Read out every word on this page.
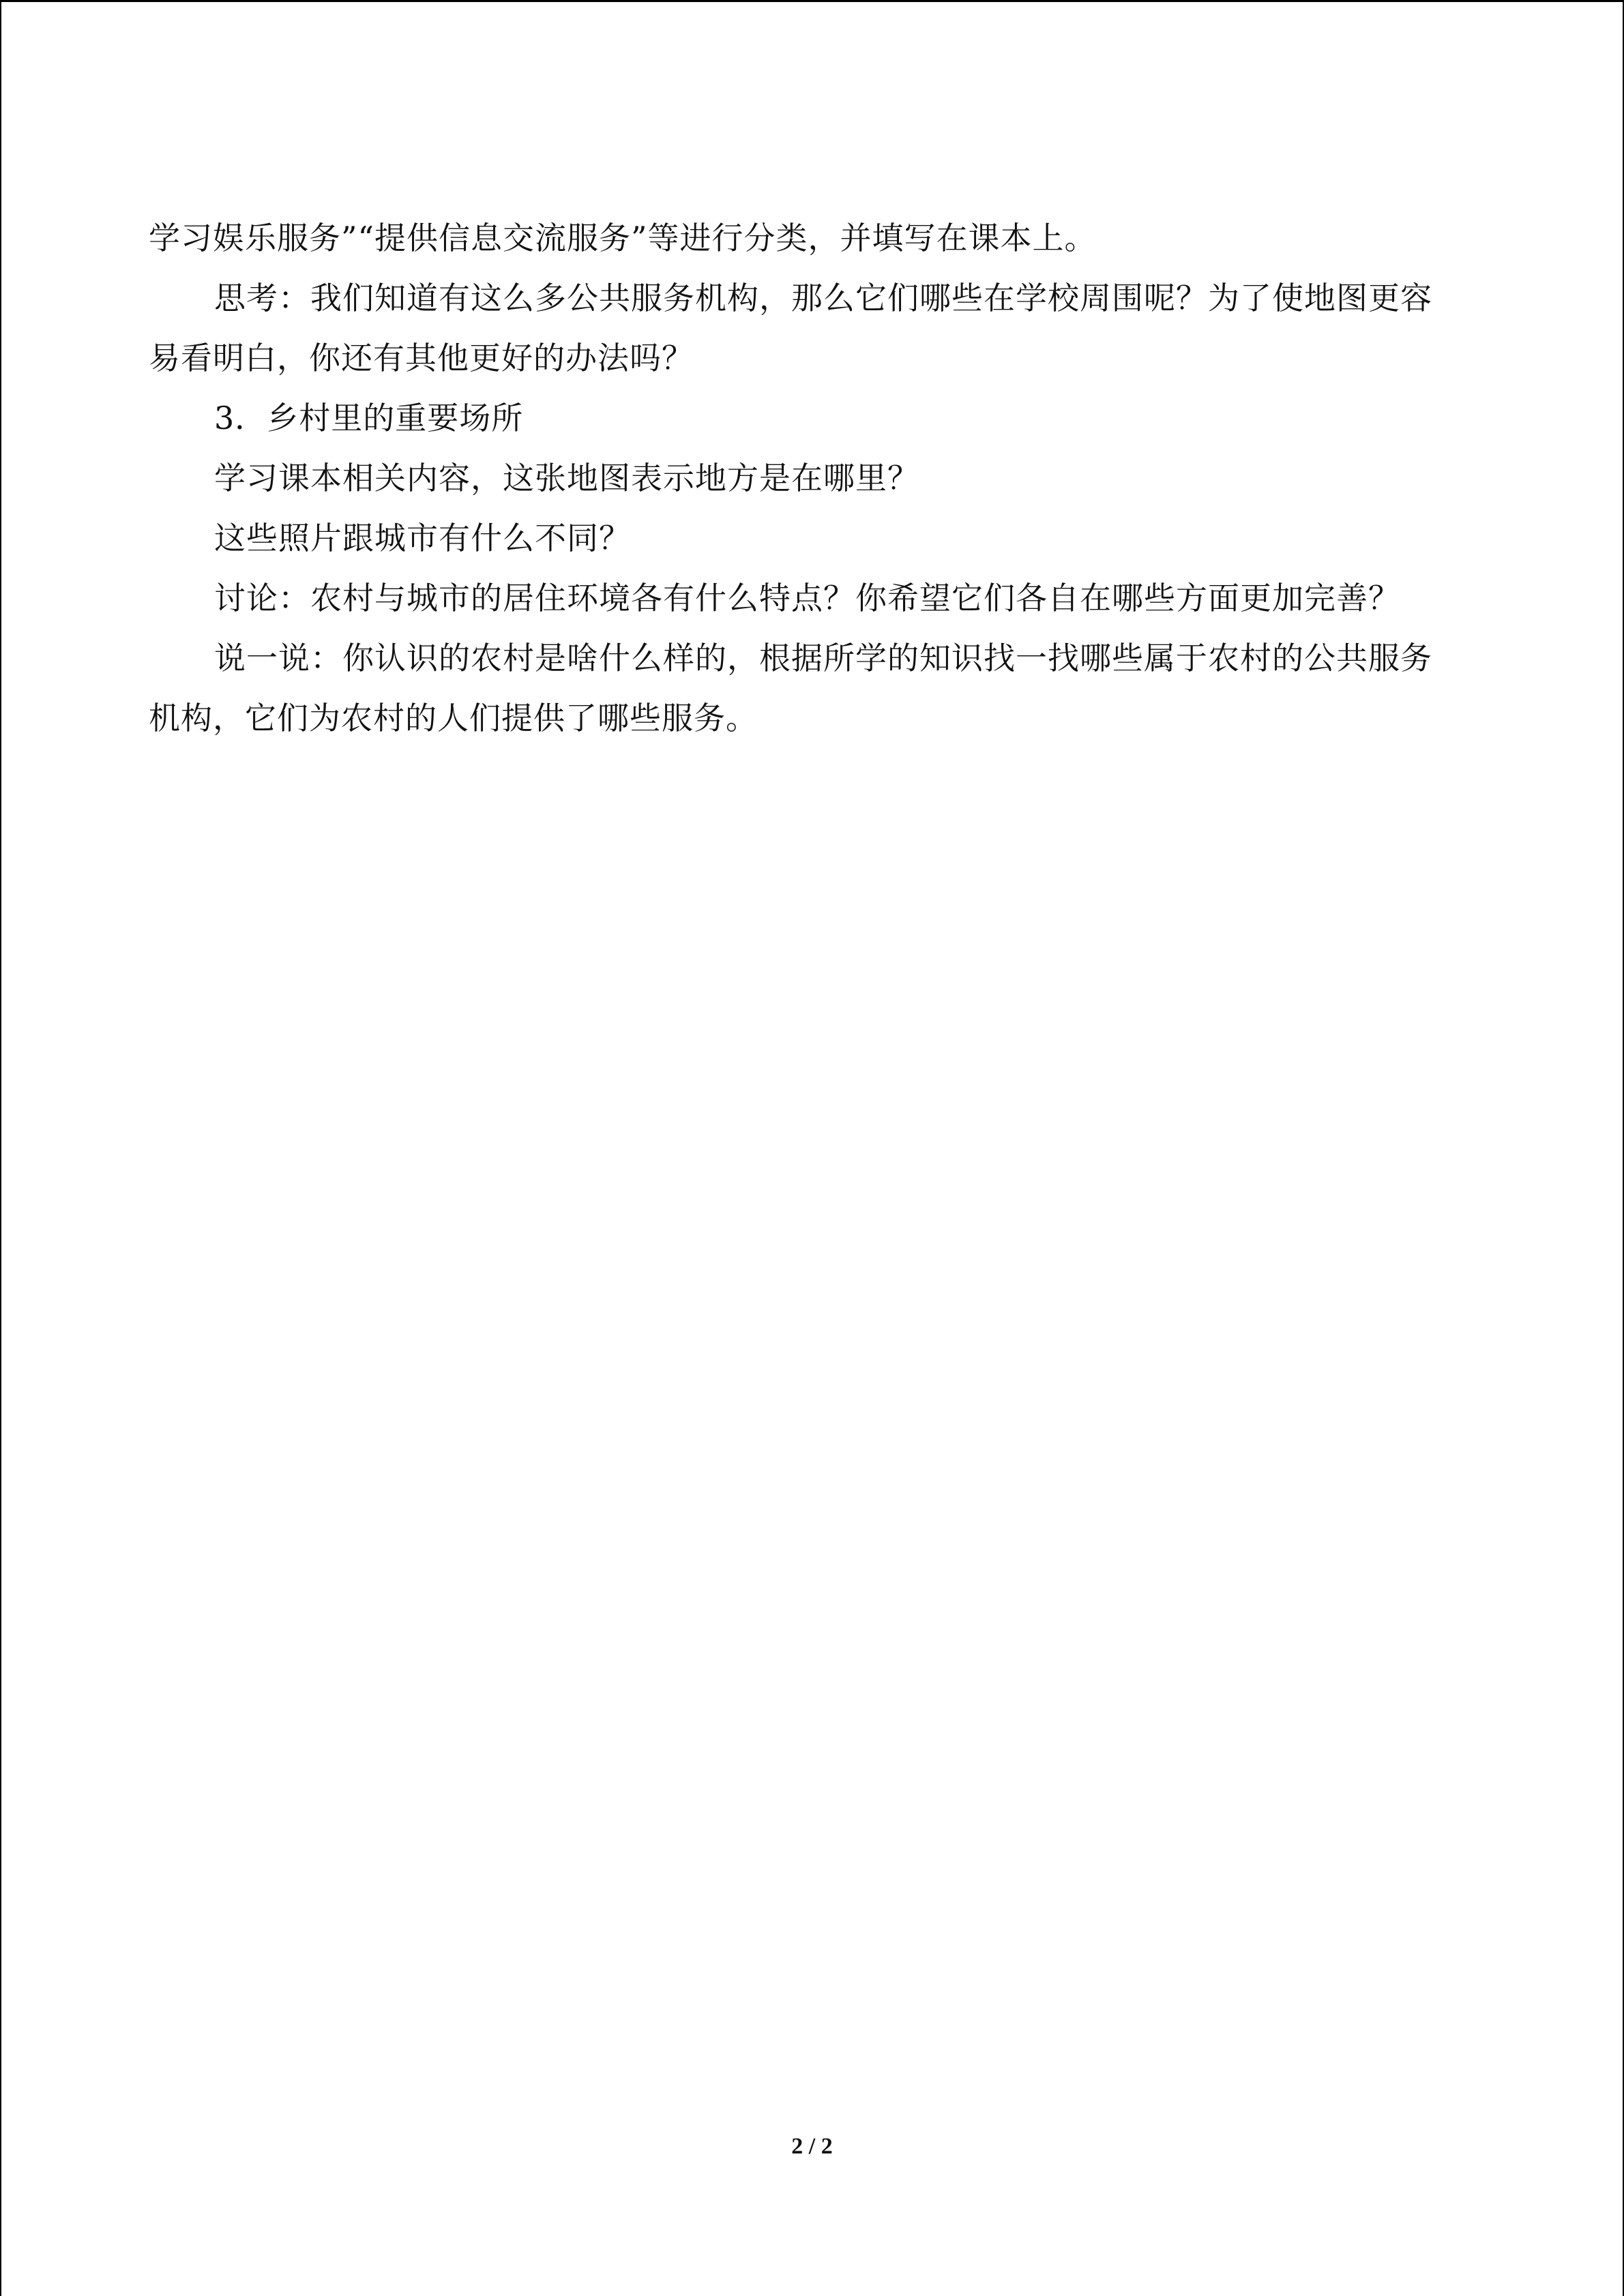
学习娱乐服务”“提供信息交流服务”等进行分类，并填写在课本上。

思考：我们知道有这么多公共服务机构，那么它们哪些在学校周围呢？为了使地图更容易看明白，你还有其他更好的办法吗？

3．乡村里的重要场所

学习课本相关内容，这张地图表示地方是在哪里？

这些照片跟城市有什么不同？

讨论：农村与城市的居住环境各有什么特点？你希望它们各自在哪些方面更加完善？

说一说：你认识的农村是啥什么样的，根据所学的知识找一找哪些属于农村的公共服务机构，它们为农村的人们提供了哪些服务。

2 / 2
